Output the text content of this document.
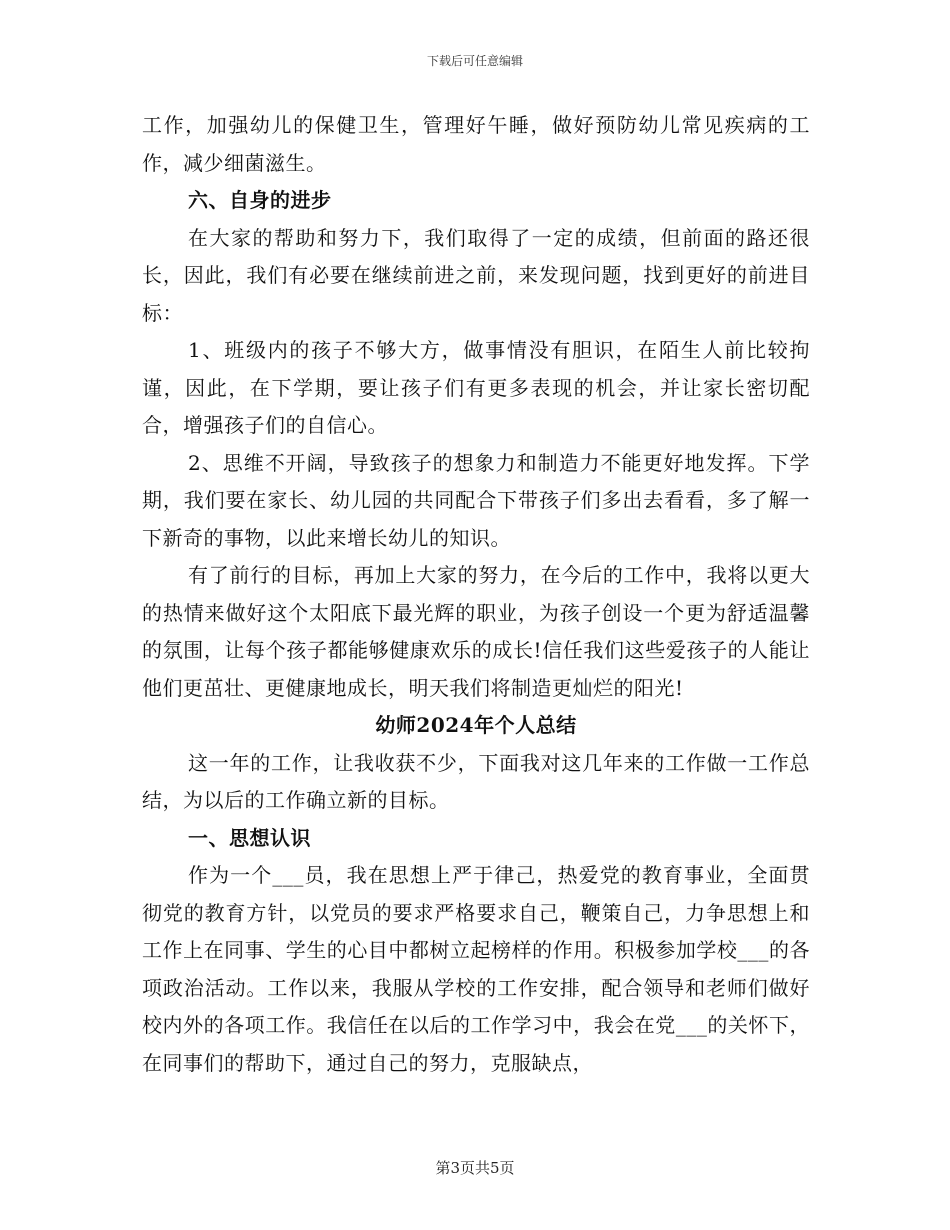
下载后可任意编辑

工作，加强幼儿的保健卫生，管理好午睡，做好预防幼儿常见疾病的工作，减少细菌滋生。

六、自身的进步

在大家的帮助和努力下，我们取得了一定的成绩，但前面的路还很长，因此，我们有必要在继续前进之前，来发现问题，找到更好的前进目标：

1、班级内的孩子不够大方，做事情没有胆识，在陌生人前比较拘谨，因此，在下学期，要让孩子们有更多表现的机会，并让家长密切配合，增强孩子们的自信心。

2、思维不开阔，导致孩子的想象力和制造力不能更好地发挥。下学期，我们要在家长、幼儿园的共同配合下带孩子们多出去看看，多了解一下新奇的事物，以此来增长幼儿的知识。

有了前行的目标，再加上大家的努力，在今后的工作中，我将以更大的热情来做好这个太阳底下最光辉的职业，为孩子创设一个更为舒适温馨的氛围，让每个孩子都能够健康欢乐的成长!信任我们这些爱孩子的人能让他们更茁壮、更健康地成长，明天我们将制造更灿烂的阳光!

幼师2024年个人总结

这一年的工作，让我收获不少，下面我对这几年来的工作做一工作总结，为以后的工作确立新的目标。

一、思想认识

作为一个___员，我在思想上严于律己，热爱党的教育事业，全面贯彻党的教育方针，以党员的要求严格要求自己，鞭策自己，力争思想上和工作上在同事、学生的心目中都树立起榜样的作用。积极参加学校___的各项政治活动。工作以来，我服从学校的工作安排，配合领导和老师们做好校内外的各项工作。我信任在以后的工作学习中，我会在党___的关怀下，在同事们的帮助下，通过自己的努力，克服缺点，

第3页共5页
